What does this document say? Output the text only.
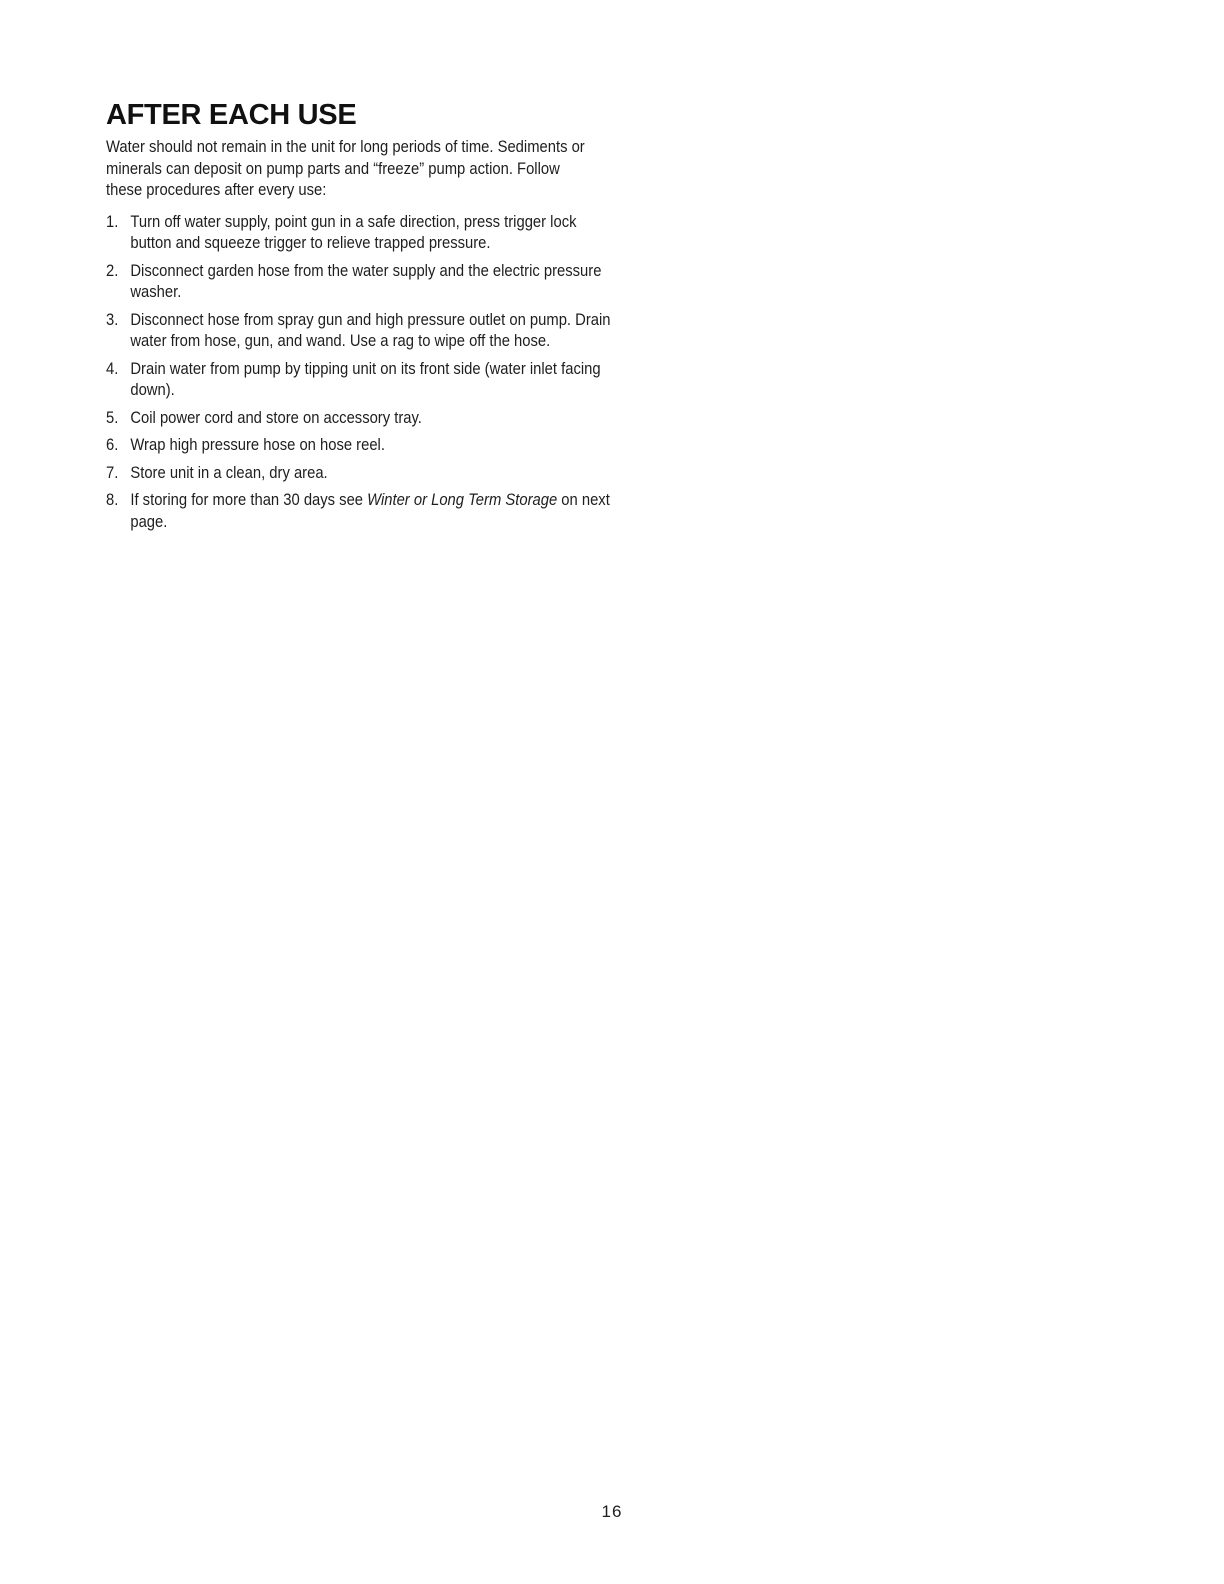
AFTER EACH USE

Water should not remain in the unit for long periods of time. Sediments or minerals can deposit on pump parts and “freeze” pump action. Follow these procedures after every use:

1. Turn off water supply, point gun in a safe direction, press trigger lock button and squeeze trigger to relieve trapped pressure.
2. Disconnect garden hose from the water supply and the electric pressure washer.
3. Disconnect hose from spray gun and high pressure outlet on pump. Drain water from hose, gun, and wand. Use a rag to wipe off the hose.
4. Drain water from pump by tipping unit on its front side (water inlet facing down).
5. Coil power cord and store on accessory tray.
6. Wrap high pressure hose on hose reel.
7. Store unit in a clean, dry area.
8. If storing for more than 30 days see Winter or Long Term Storage on next page.
16
